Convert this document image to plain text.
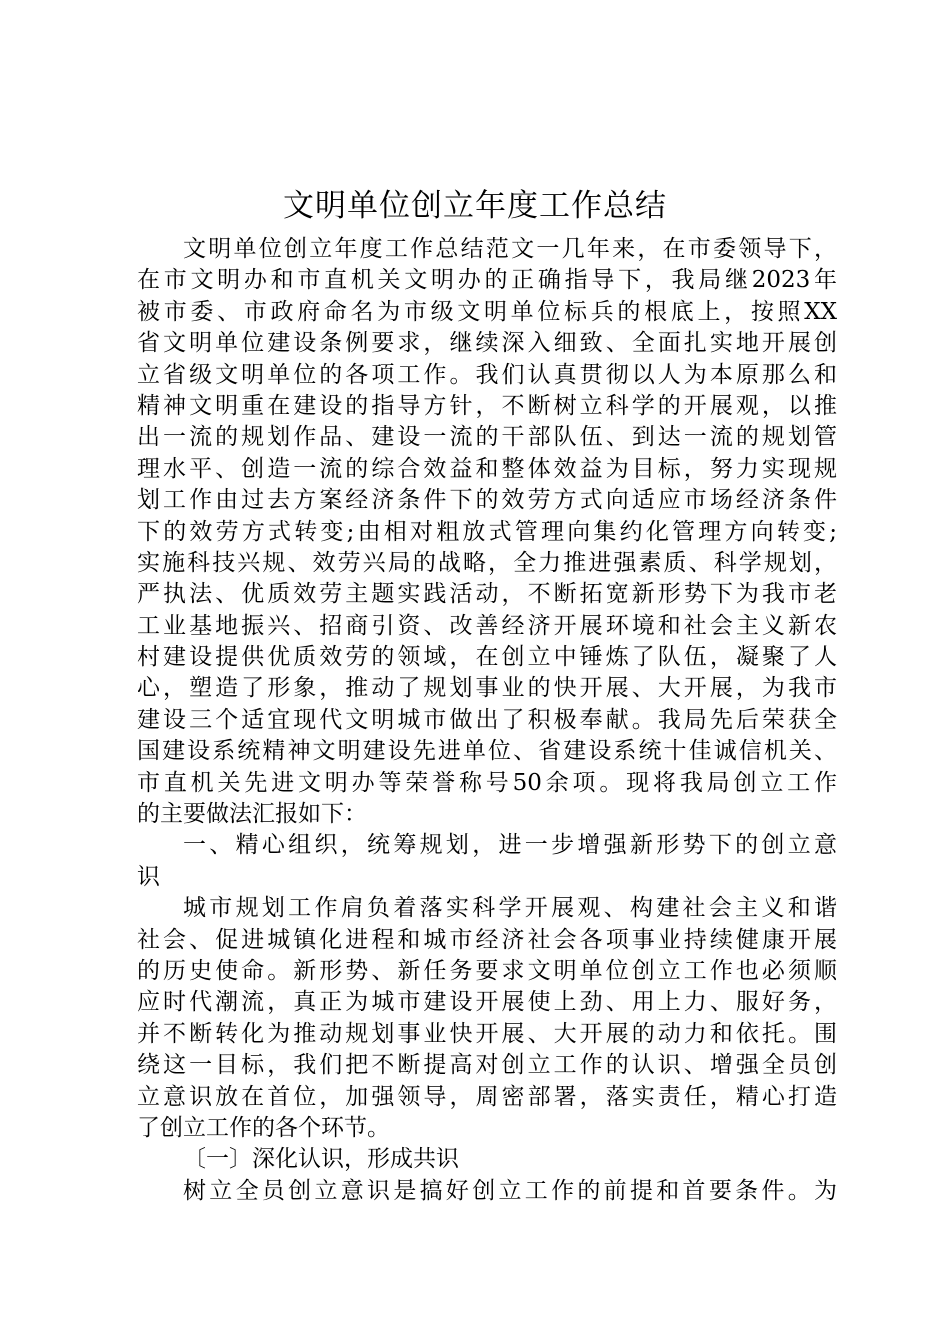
文明单位创立年度工作总结
文明单位创立年度工作总结范文一几年来，在市委领导下，
在市文明办和市直机关文明办的正确指导下，我局继2023年
被市委、市政府命名为市级文明单位标兵的根底上，按照XX
省文明单位建设条例要求，继续深入细致、全面扎实地开展创
立省级文明单位的各项工作。我们认真贯彻以人为本原那么和
精神文明重在建设的指导方针，不断树立科学的开展观，以推
出一流的规划作品、建设一流的干部队伍、到达一流的规划管
理水平、创造一流的综合效益和整体效益为目标，努力实现规
划工作由过去方案经济条件下的效劳方式向适应市场经济条件
下的效劳方式转变;由相对粗放式管理向集约化管理方向转变;
实施科技兴规、效劳兴局的战略，全力推进强素质、科学规划，
严执法、优质效劳主题实践活动，不断拓宽新形势下为我市老
工业基地振兴、招商引资、改善经济开展环境和社会主义新农
村建设提供优质效劳的领域，在创立中锤炼了队伍，凝聚了人
心，塑造了形象，推动了规划事业的快开展、大开展，为我市
建设三个适宜现代文明城市做出了积极奉献。我局先后荣获全
国建设系统精神文明建设先进单位、省建设系统十佳诚信机关、
市直机关先进文明办等荣誉称号50余项。现将我局创立工作
的主要做法汇报如下：
一、精心组织，统筹规划，进一步增强新形势下的创立意
识
城市规划工作肩负着落实科学开展观、构建社会主义和谐
社会、促进城镇化进程和城市经济社会各项事业持续健康开展
的历史使命。新形势、新任务要求文明单位创立工作也必须顺
应时代潮流，真正为城市建设开展使上劲、用上力、服好务，
并不断转化为推动规划事业快开展、大开展的动力和依托。围
绕这一目标，我们把不断提高对创立工作的认识、增强全员创
立意识放在首位，加强领导，周密部署，落实责任，精心打造
了创立工作的各个环节。
〔一〕深化认识，形成共识
树立全员创立意识是搞好创立工作的前提和首要条件。为
